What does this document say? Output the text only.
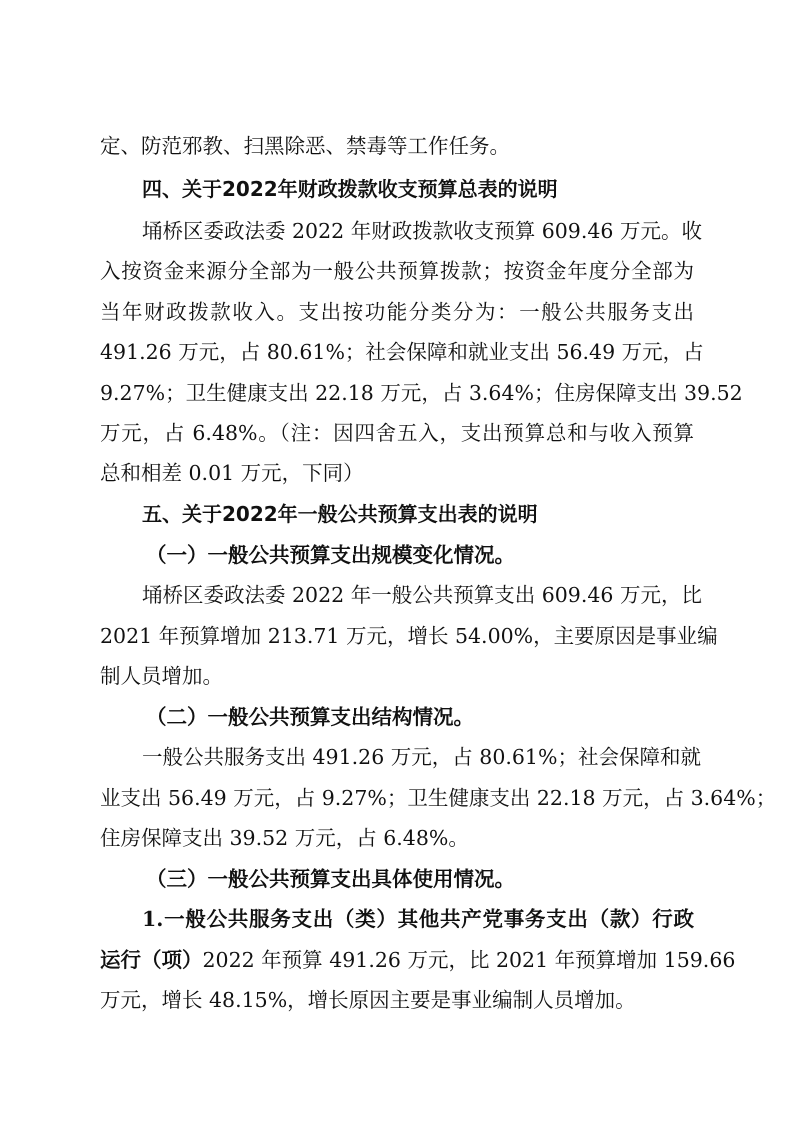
定、防范邪教、扫黑除恶、禁毒等工作任务。
四、关于2022年财政拨款收支预算总表的说明
埇桥区委政法委 2022 年财政拨款收支预算 609.46 万元。收
入按资金来源分全部为一般公共预算拨款；按资金年度分全部为
当年财政拨款收入。支出按功能分类分为：一般公共服务支出
491.26 万元，占 80.61%；社会保障和就业支出 56.49 万元，占
9.27%；卫生健康支出 22.18 万元，占 3.64%；住房保障支出 39.52
万元，占 6.48%。（注：因四舍五入，支出预算总和与收入预算
总和相差 0.01 万元，下同）
五、关于2022年一般公共预算支出表的说明
（一）一般公共预算支出规模变化情况。
埇桥区委政法委 2022 年一般公共预算支出 609.46 万元，比
2021 年预算增加 213.71 万元，增长 54.00%，主要原因是事业编
制人员增加。
（二）一般公共预算支出结构情况。
一般公共服务支出 491.26 万元，占 80.61%；社会保障和就
业支出 56.49 万元，占 9.27%；卫生健康支出 22.18 万元，占 3.64%；
住房保障支出 39.52 万元，占 6.48%。
（三）一般公共预算支出具体使用情况。
1.一般公共服务支出（类）其他共产党事务支出（款）行政
运行（项）2022 年预算 491.26 万元，比 2021 年预算增加 159.66
万元，增长 48.15%，增长原因主要是事业编制人员增加。
